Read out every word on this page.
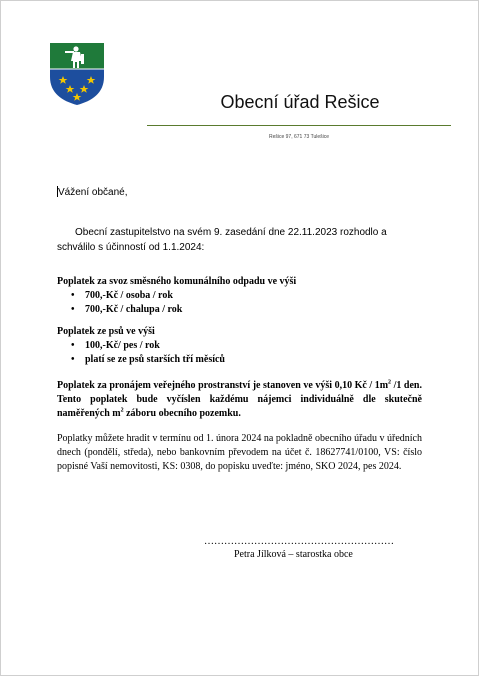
Obecní úřad Rešice
Rešice 97, 671 73 Tulešice
Vážení občané,
Obecní zastupitelstvo na svém 9. zasedání dne 22.11.2023 rozhodlo a schválilo s účinností od 1.1.2024:
Poplatek za svoz směsného komunálního odpadu ve výši
• 700,-Kč / osoba / rok
• 700,-Kč / chalupa / rok
Poplatek ze psů ve výši
• 100,-Kč/ pes / rok
• platí se ze psů starších tří měsíců
Poplatek za pronájem veřejného prostranství je stanoven ve výši 0,10 Kč / $1m^2$ /1 den. Tento poplatek bude vyčíslen každému nájemci individuálně dle skutečně naměřených $m^2$ záboru obecního pozemku.
Poplatky můžete hradit v termínu od 1. února 2024 na pokladně obecního úřadu v úředních dnech (pondělí, středa), nebo bankovním převodem na účet č. 18627741/0100, VS: číslo popisné Vaší nemovitosti, KS: 0308, do popisku uveďte: jméno, SKO 2024, pes 2024.
…………………………………………………
Petra Jílková – starostka obce
